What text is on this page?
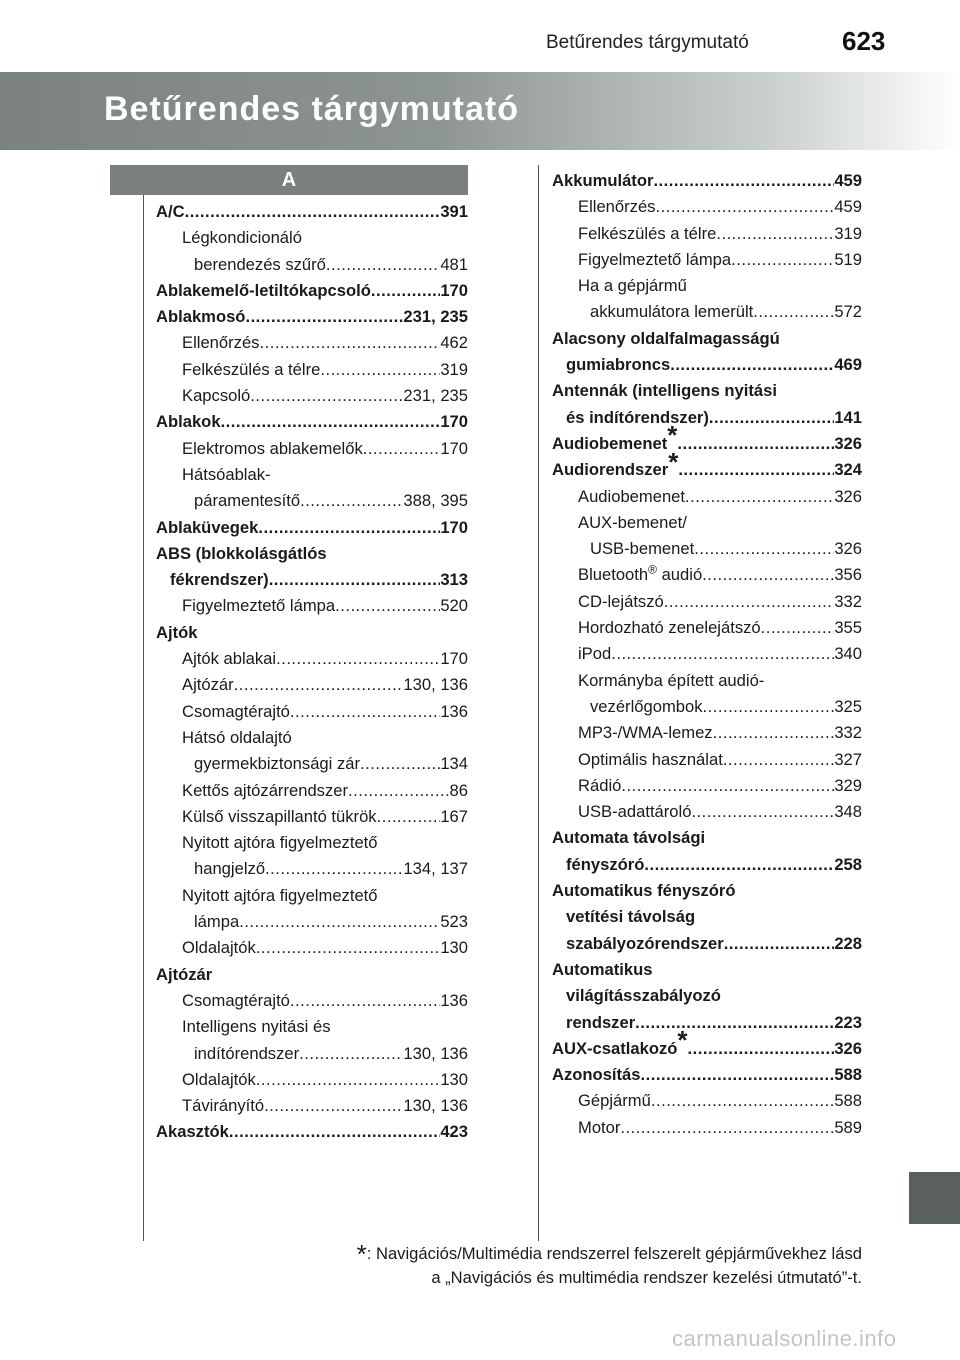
Betűrendes tárgymutató	623
Betűrendes tárgymutató
A
A/C .....	391
Légkondicionáló
berendezés szűrő .....	481
Ablakemelő-letiltókapcsoló .....	170
Ablakmosó .....	231, 235
Ellenőrzés .....	462
Felkészülés a télre .....	319
Kapcsoló .....	231, 235
Ablakok .....	170
Elektromos ablakemelők .....	170
Hátsóablak-
páramentesítő .....	388, 395
Ablaküvegek .....	170
ABS (blokkolásgátlós
fékrendszer) .....	313
Figyelmeztető lámpa .....	520
Ajtók
Ajtók ablakai .....	170
Ajtózár .....	130, 136
Csomagtérajtó .....	136
Hátsó oldalajtó
gyermekbiztonsági zár .....	134
Kettős ajtózárrendszer .....	86
Külső visszapillantó tükrök .....	167
Nyitott ajtóra figyelmeztető
hangjelző .....	134, 137
Nyitott ajtóra figyelmeztető
lámpa .....	523
Oldalajtók .....	130
Ajtózár
Csomagtérajtó .....	136
Intelligens nyitási és
indítórendszer .....	130, 136
Oldalajtók .....	130
Távirányító .....	130, 136
Akasztók .....	423
Akkumulátor .....	459
Ellenőrzés .....	459
Felkészülés a télre .....	319
Figyelmeztető lámpa .....	519
Ha a gépjármű
akkumulátora lemerült .....	572
Alacsony oldalfalmagasságú
gumiabroncs .....	469
Antennák (intelligens nyitási
és indítórendszer) .....	141
Audiobemenet* .....	326
Audiorendszer* .....	324
Audiobemenet .....	326
AUX-bemenet/
USB-bemenet .....	326
Bluetooth® audió .....	356
CD-lejátszó .....	332
Hordozható zenelejátszó .....	355
iPod .....	340
Kormányba épített audió-
vezérlőgombok .....	325
MP3-/WMA-lemez .....	332
Optimális használat .....	327
Rádió .....	329
USB-adattároló .....	348
Automata távolsági
fényszóró .....	258
Automatikus fényszóró
vetítési távolság
szabályozórendszer .....	228
Automatikus
világításszabályozó
rendszer .....	223
AUX-csatlakozó* .....	326
Azonosítás .....	588
Gépjármű .....	588
Motor .....	589
*: Navigációs/Multimédia rendszerrel felszerelt gépjárművekhez lásd
a „Navigációs és multimédia rendszer kezelési útmutató”-t.
carmanualsonline.info
